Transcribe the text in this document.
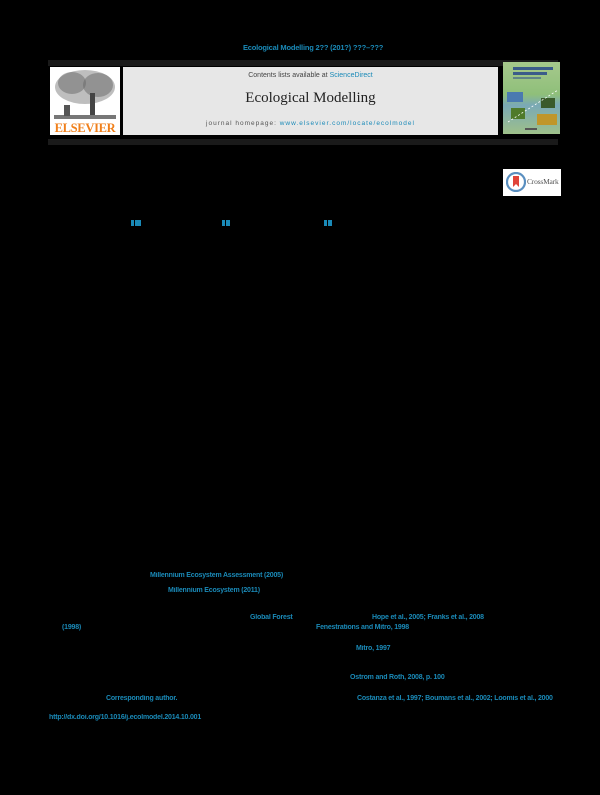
Ecological Modelling 2?? (201?) ???–???
ELSEVIER
Contents lists available at ScienceDirect
Ecological Modelling
journal homepage: www.elsevier.com/locate/ecolmodel
CrossMark
Millennium Ecosystem Assessment (2005)
Millennium Ecosystem (2011)
Global Forest	Hope et al., 2005; Franks et al., 2008
(1998)	Fenestrations and Mitro, 1998
Mitro, 1997
Ostrom and Roth, 2008, p. 100
Corresponding author.	Costanza et al., 1997; Boumans et al., 2002; Loomis et al., 2000
http://dx.doi.org/10.1016/j.ecolmodel.2014.10.001
